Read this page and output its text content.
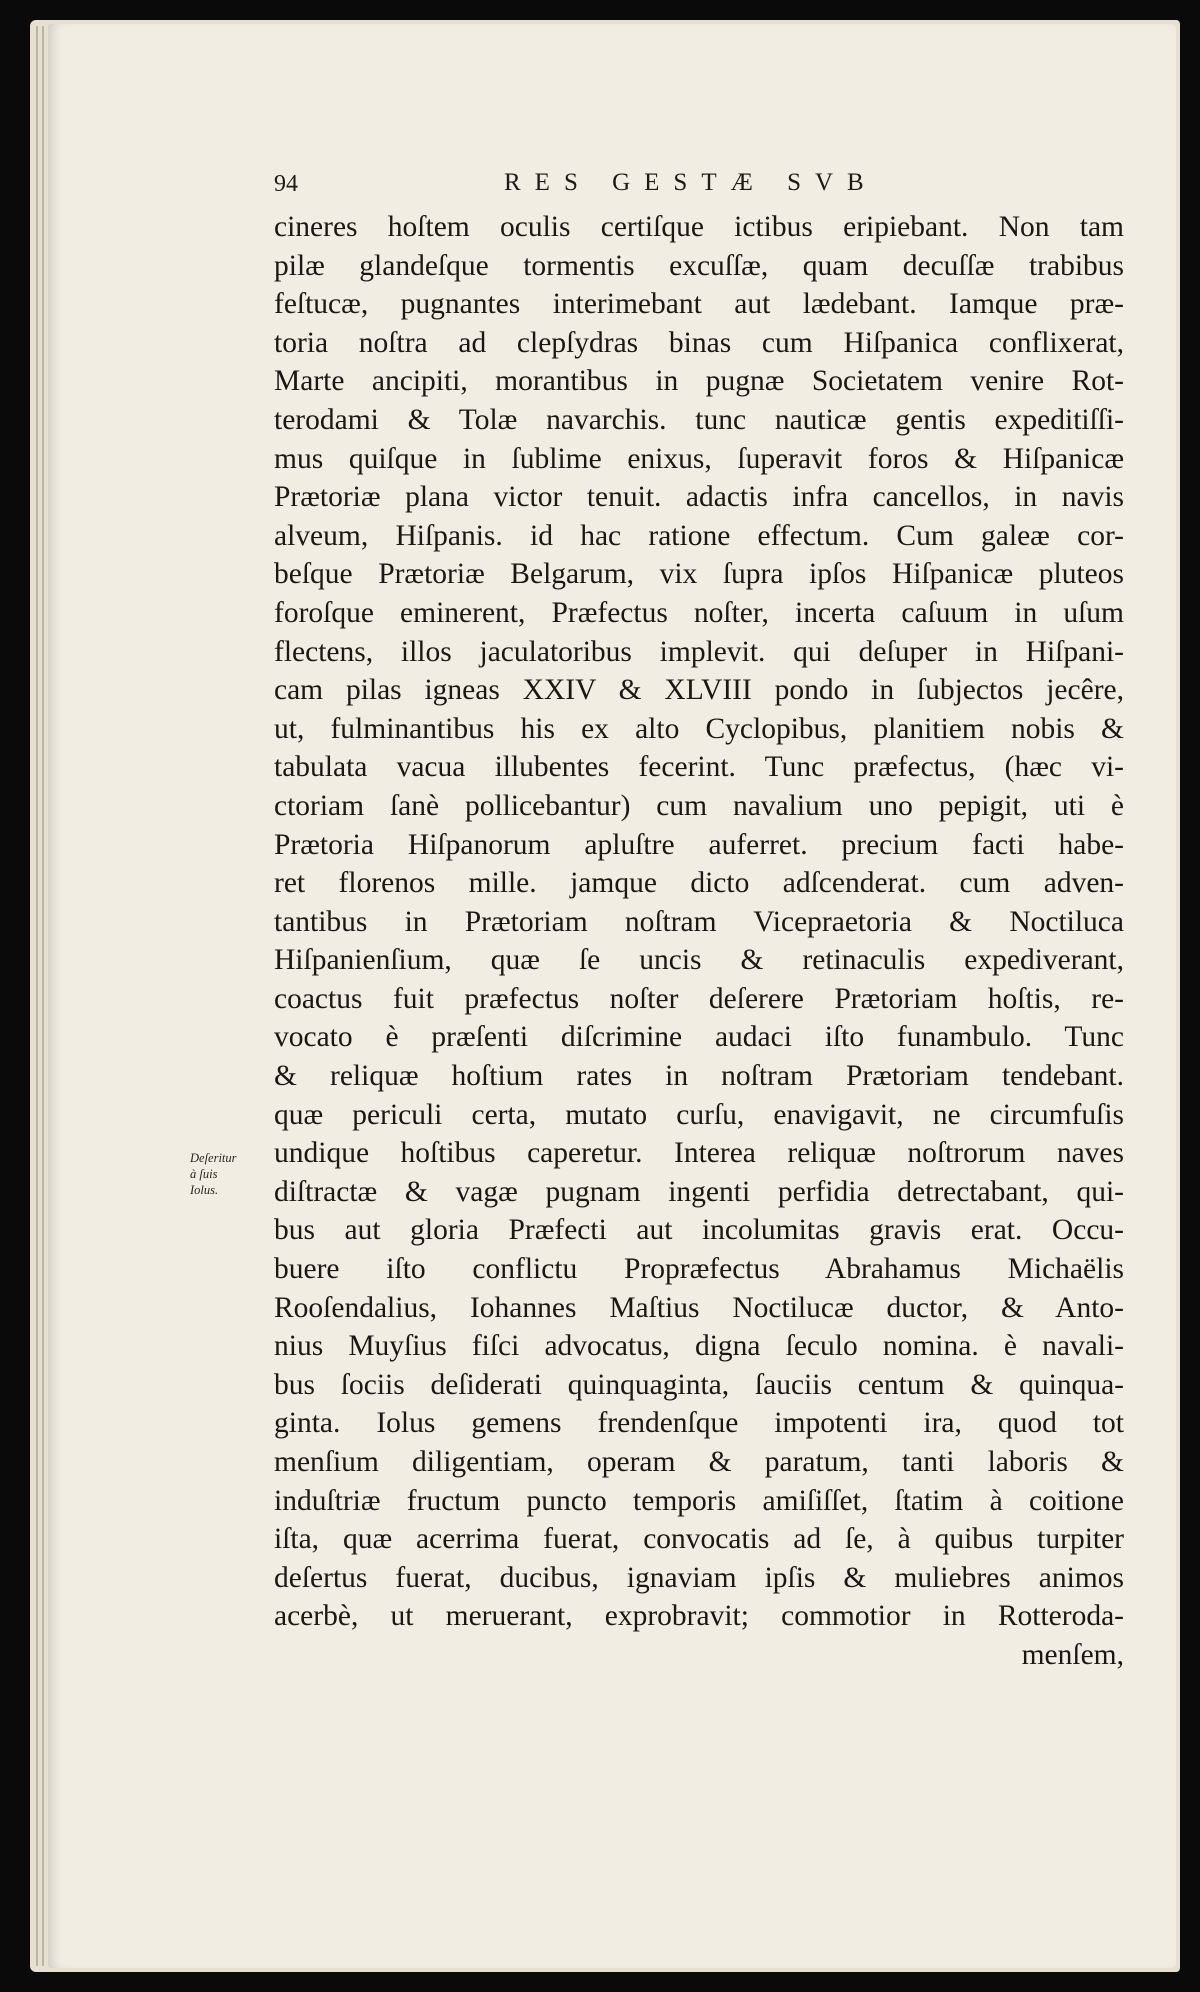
94	RES GESTÆ SVB
Deſeritur
à ſuis
Iolus.
cineres hoſtem oculis certiſque ictibus eripiebant. Non tam
pilæ glandeſque tormentis excuſſæ, quam decuſſæ trabibus
feſtucæ, pugnantes interimebant aut lædebant. Iamque præ-
toria noſtra ad clepſydras binas cum Hiſpanica conflixerat,
Marte ancipiti, morantibus in pugnæ Societatem venire Rot-
terodami & Tolæ navarchis. tunc nauticæ gentis expeditiſſi-
mus quiſque in ſublime enixus, ſuperavit foros & Hiſpanicæ
Prætoriæ plana victor tenuit. adactis infra cancellos, in navis
alveum, Hiſpanis. id hac ratione effectum. Cum galeæ cor-
beſque Prætoriæ Belgarum, vix ſupra ipſos Hiſpanicæ pluteos
foroſque eminerent, Præfectus noſter, incerta caſuum in uſum
flectens, illos jaculatoribus implevit. qui deſuper in Hiſpani-
cam pilas igneas XXIV & XLVIII pondo in ſubjectos jecêre,
ut, fulminantibus his ex alto Cyclopibus, planitiem nobis &
tabulata vacua illubentes fecerint. Tunc præfectus, (hæc vi-
ctoriam ſanè pollicebantur) cum navalium uno pepigit, uti è
Prætoria Hiſpanorum apluſtre auferret. precium facti habe-
ret florenos mille. jamque dicto adſcenderat. cum adven-
tantibus in Prætoriam noſtram Vicepraetoria & Noctiluca
Hiſpanienſium, quæ ſe uncis & retinaculis expediverant,
coactus fuit præfectus noſter deſerere Prætoriam hoſtis, re-
vocato è præſenti diſcrimine audaci iſto funambulo. Tunc
& reliquæ hoſtium rates in noſtram Prætoriam tendebant.
quæ periculi certa, mutato curſu, enavigavit, ne circumfuſis
undique hoſtibus caperetur. Interea reliquæ noſtrorum naves
diſtractæ & vagæ pugnam ingenti perfidia detrectabant, qui-
bus aut gloria Præfecti aut incolumitas gravis erat. Occu-
buere iſto conflictu Propræfectus Abrahamus Michaëlis
Rooſendalius, Iohannes Maſtius Noctilucæ ductor, & Anto-
nius Muyſius fiſci advocatus, digna ſeculo nomina. è navali-
bus ſociis deſiderati quinquaginta, ſauciis centum & quinqua-
ginta. Iolus gemens frendenſque impotenti ira, quod tot
menſium diligentiam, operam & paratum, tanti laboris &
induſtriæ fructum puncto temporis amiſiſſet, ſtatim à coitione
iſta, quæ acerrima fuerat, convocatis ad ſe, à quibus turpiter
deſertus fuerat, ducibus, ignaviam ipſis & muliebres animos
acerbè, ut meruerant, exprobravit; commotior in Rotteroda-
menſem,
